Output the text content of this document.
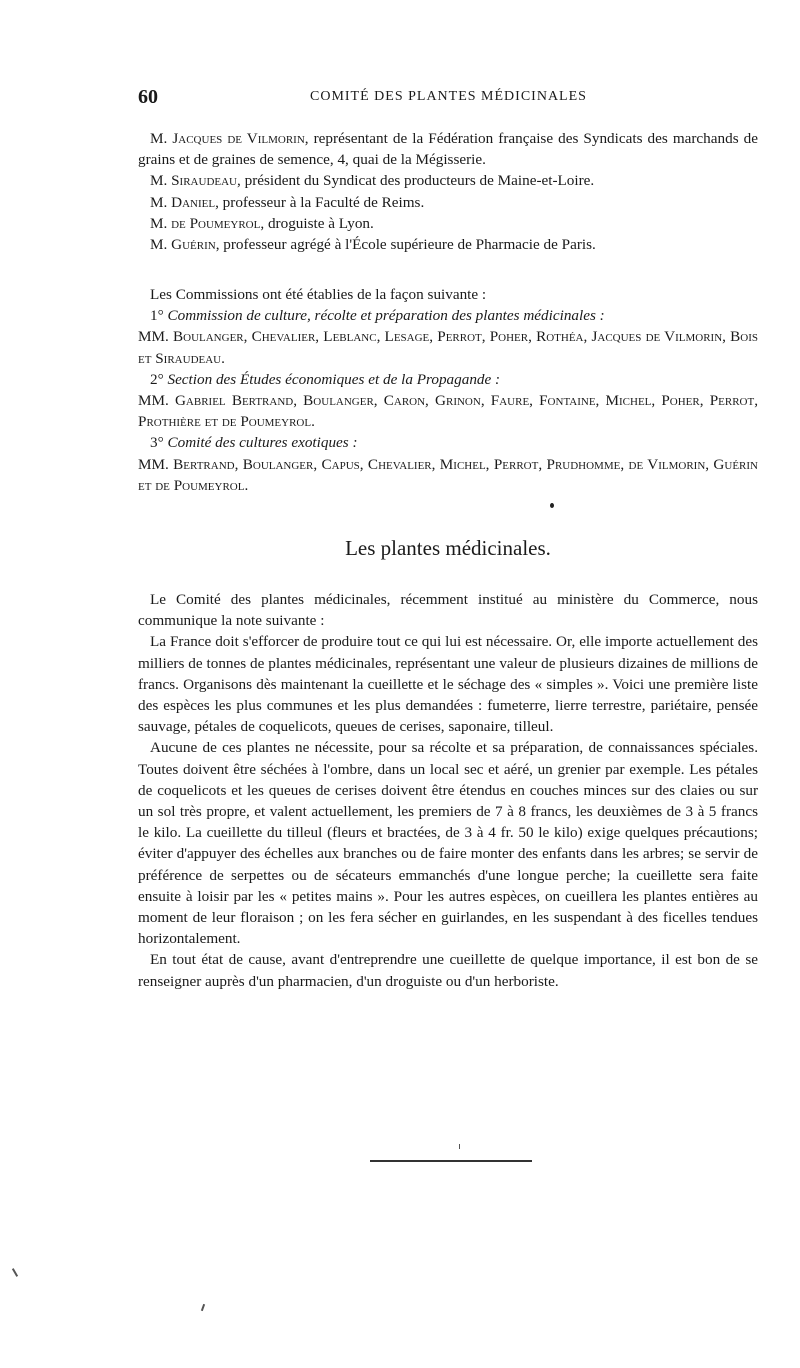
60	COMITÉ DES PLANTES MÉDICINALES

M. Jacques de Vilmorin, représentant de la Fédération française des Syndicats des marchands de grains et de graines de semence, 4, quai de la Mégisserie.

M. Siraudeau, président du Syndicat des producteurs de Maine-et-Loire.

M. Daniel, professeur à la Faculté de Reims.

M. de Poumeyrol, droguiste à Lyon.

M. Guérin, professeur agrégé à l'École supérieure de Pharmacie de Paris.

Les Commissions ont été établies de la façon suivante :

1° Commission de culture, récolte et préparation des plantes médicinales :

MM. Boulanger, Chevalier, Leblanc, Lesage, Perrot, Poher, Rothéa, Jacques de Vilmorin, Bois et Siraudeau.

2° Section des Études économiques et de la Propagande :

MM. Gabriel Bertrand, Boulanger, Caron, Grinon, Faure, Fontaine, Michel, Poher, Perrot, Prothière et de Poumeyrol.

3° Comité des cultures exotiques :

MM. Bertrand, Boulanger, Capus, Chevalier, Michel, Perrot, Prudhomme, de Vilmorin, Guérin et de Poumeyrol.

Les plantes médicinales.

Le Comité des plantes médicinales, récemment institué au ministère du Commerce, nous communique la note suivante :

La France doit s'efforcer de produire tout ce qui lui est nécessaire. Or, elle importe actuellement des milliers de tonnes de plantes médicinales, représentant une valeur de plusieurs dizaines de millions de francs. Organisons dès maintenant la cueillette et le séchage des « simples ». Voici une première liste des espèces les plus communes et les plus demandées : fumeterre, lierre terrestre, pariétaire, pensée sauvage, pétales de coquelicots, queues de cerises, saponaire, tilleul.

Aucune de ces plantes ne nécessite, pour sa récolte et sa préparation, de connaissances spéciales. Toutes doivent être séchées à l'ombre, dans un local sec et aéré, un grenier par exemple. Les pétales de coquelicots et les queues de cerises doivent être étendus en couches minces sur des claies ou sur un sol très propre, et valent actuellement, les premiers de 7 à 8 francs, les deuxièmes de 3 à 5 francs le kilo. La cueillette du tilleul (fleurs et bractées, de 3 à 4 fr. 50 le kilo) exige quelques précautions; éviter d'appuyer des échelles aux branches ou de faire monter des enfants dans les arbres; se servir de préférence de serpettes ou de sécateurs emmanchés d'une longue perche; la cueillette sera faite ensuite à loisir par les « petites mains ». Pour les autres espèces, on cueillera les plantes entières au moment de leur floraison ; on les fera sécher en guirlandes, en les suspendant à des ficelles tendues horizontalement.

En tout état de cause, avant d'entreprendre une cueillette de quelque importance, il est bon de se renseigner auprès d'un pharmacien, d'un droguiste ou d'un herboriste.
